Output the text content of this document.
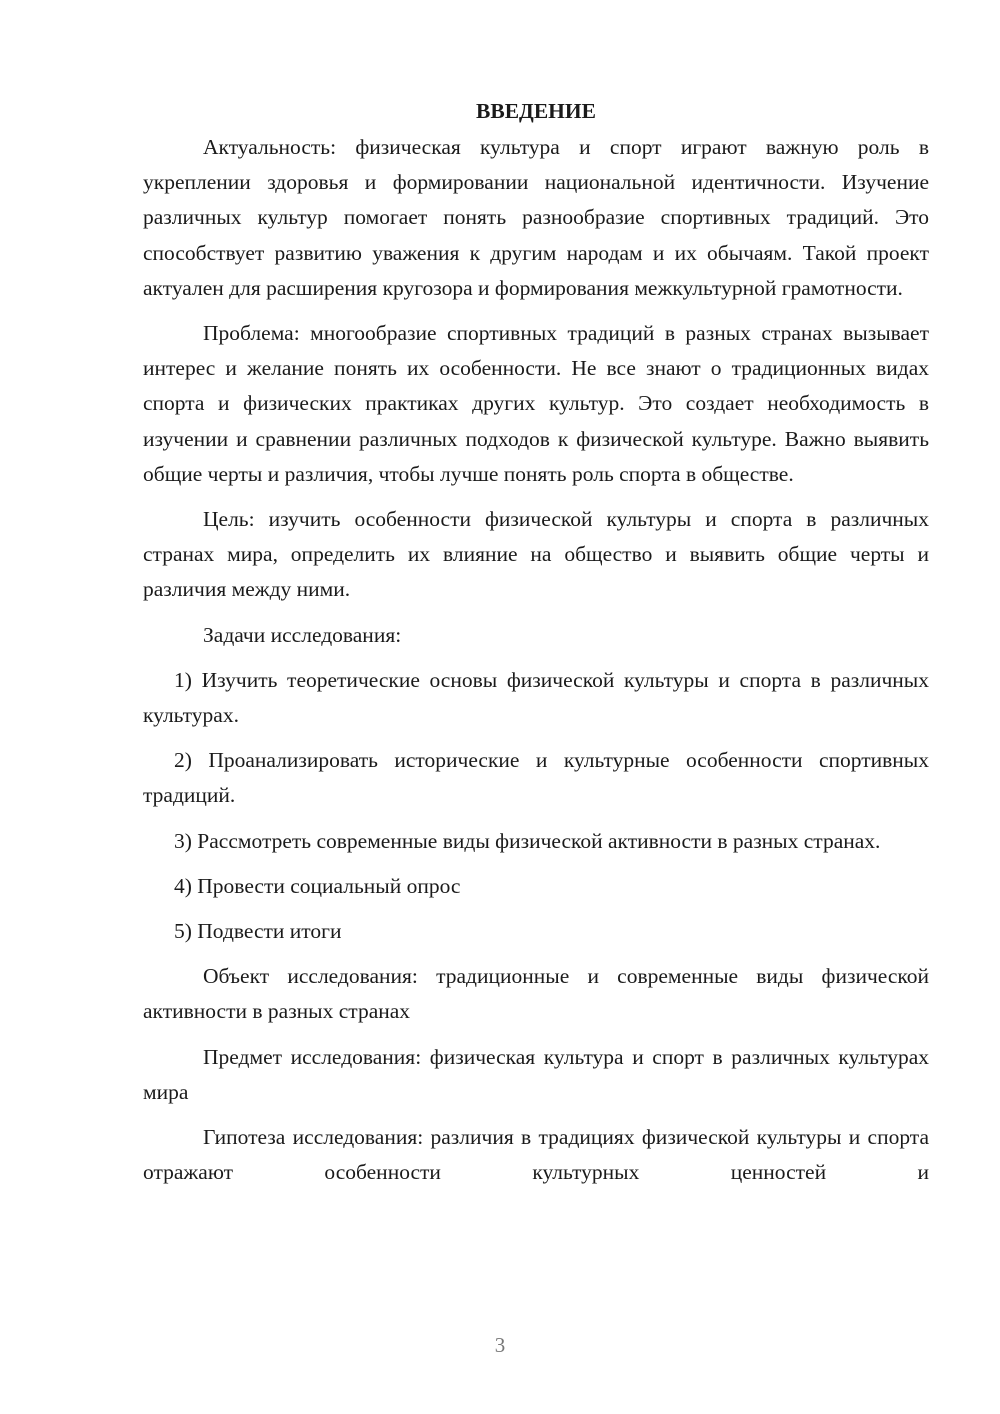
ВВЕДЕНИЕ

Актуальность: физическая культура и спорт играют важную роль в укреплении здоровья и формировании национальной идентичности. Изучение различных культур помогает понять разнообразие спортивных традиций. Это способствует развитию уважения к другим народам и их обычаям. Такой проект актуален для расширения кругозора и формирования межкультурной грамотности.

Проблема: многообразие спортивных традиций в разных странах вызывает интерес и желание понять их особенности. Не все знают о традиционных видах спорта и физических практиках других культур. Это создает необходимость в изучении и сравнении различных подходов к физической культуре. Важно выявить общие черты и различия, чтобы лучше понять роль спорта в обществе.

Цель: изучить особенности физической культуры и спорта в различных странах мира, определить их влияние на общество и выявить общие черты и различия между ними.

Задачи исследования:

1) Изучить теоретические основы физической культуры и спорта в различных культурах.

2) Проанализировать исторические и культурные особенности спортивных традиций.

3) Рассмотреть современные виды физической активности в разных странах.

4) Провести социальный опрос

5) Подвести итоги

Объект исследования: традиционные и современные виды физической активности в разных странах

Предмет исследования: физическая культура и спорт в различных культурах мира

Гипотеза исследования: различия в традициях физической культуры и спорта отражают особенности культурных ценностей и

3
